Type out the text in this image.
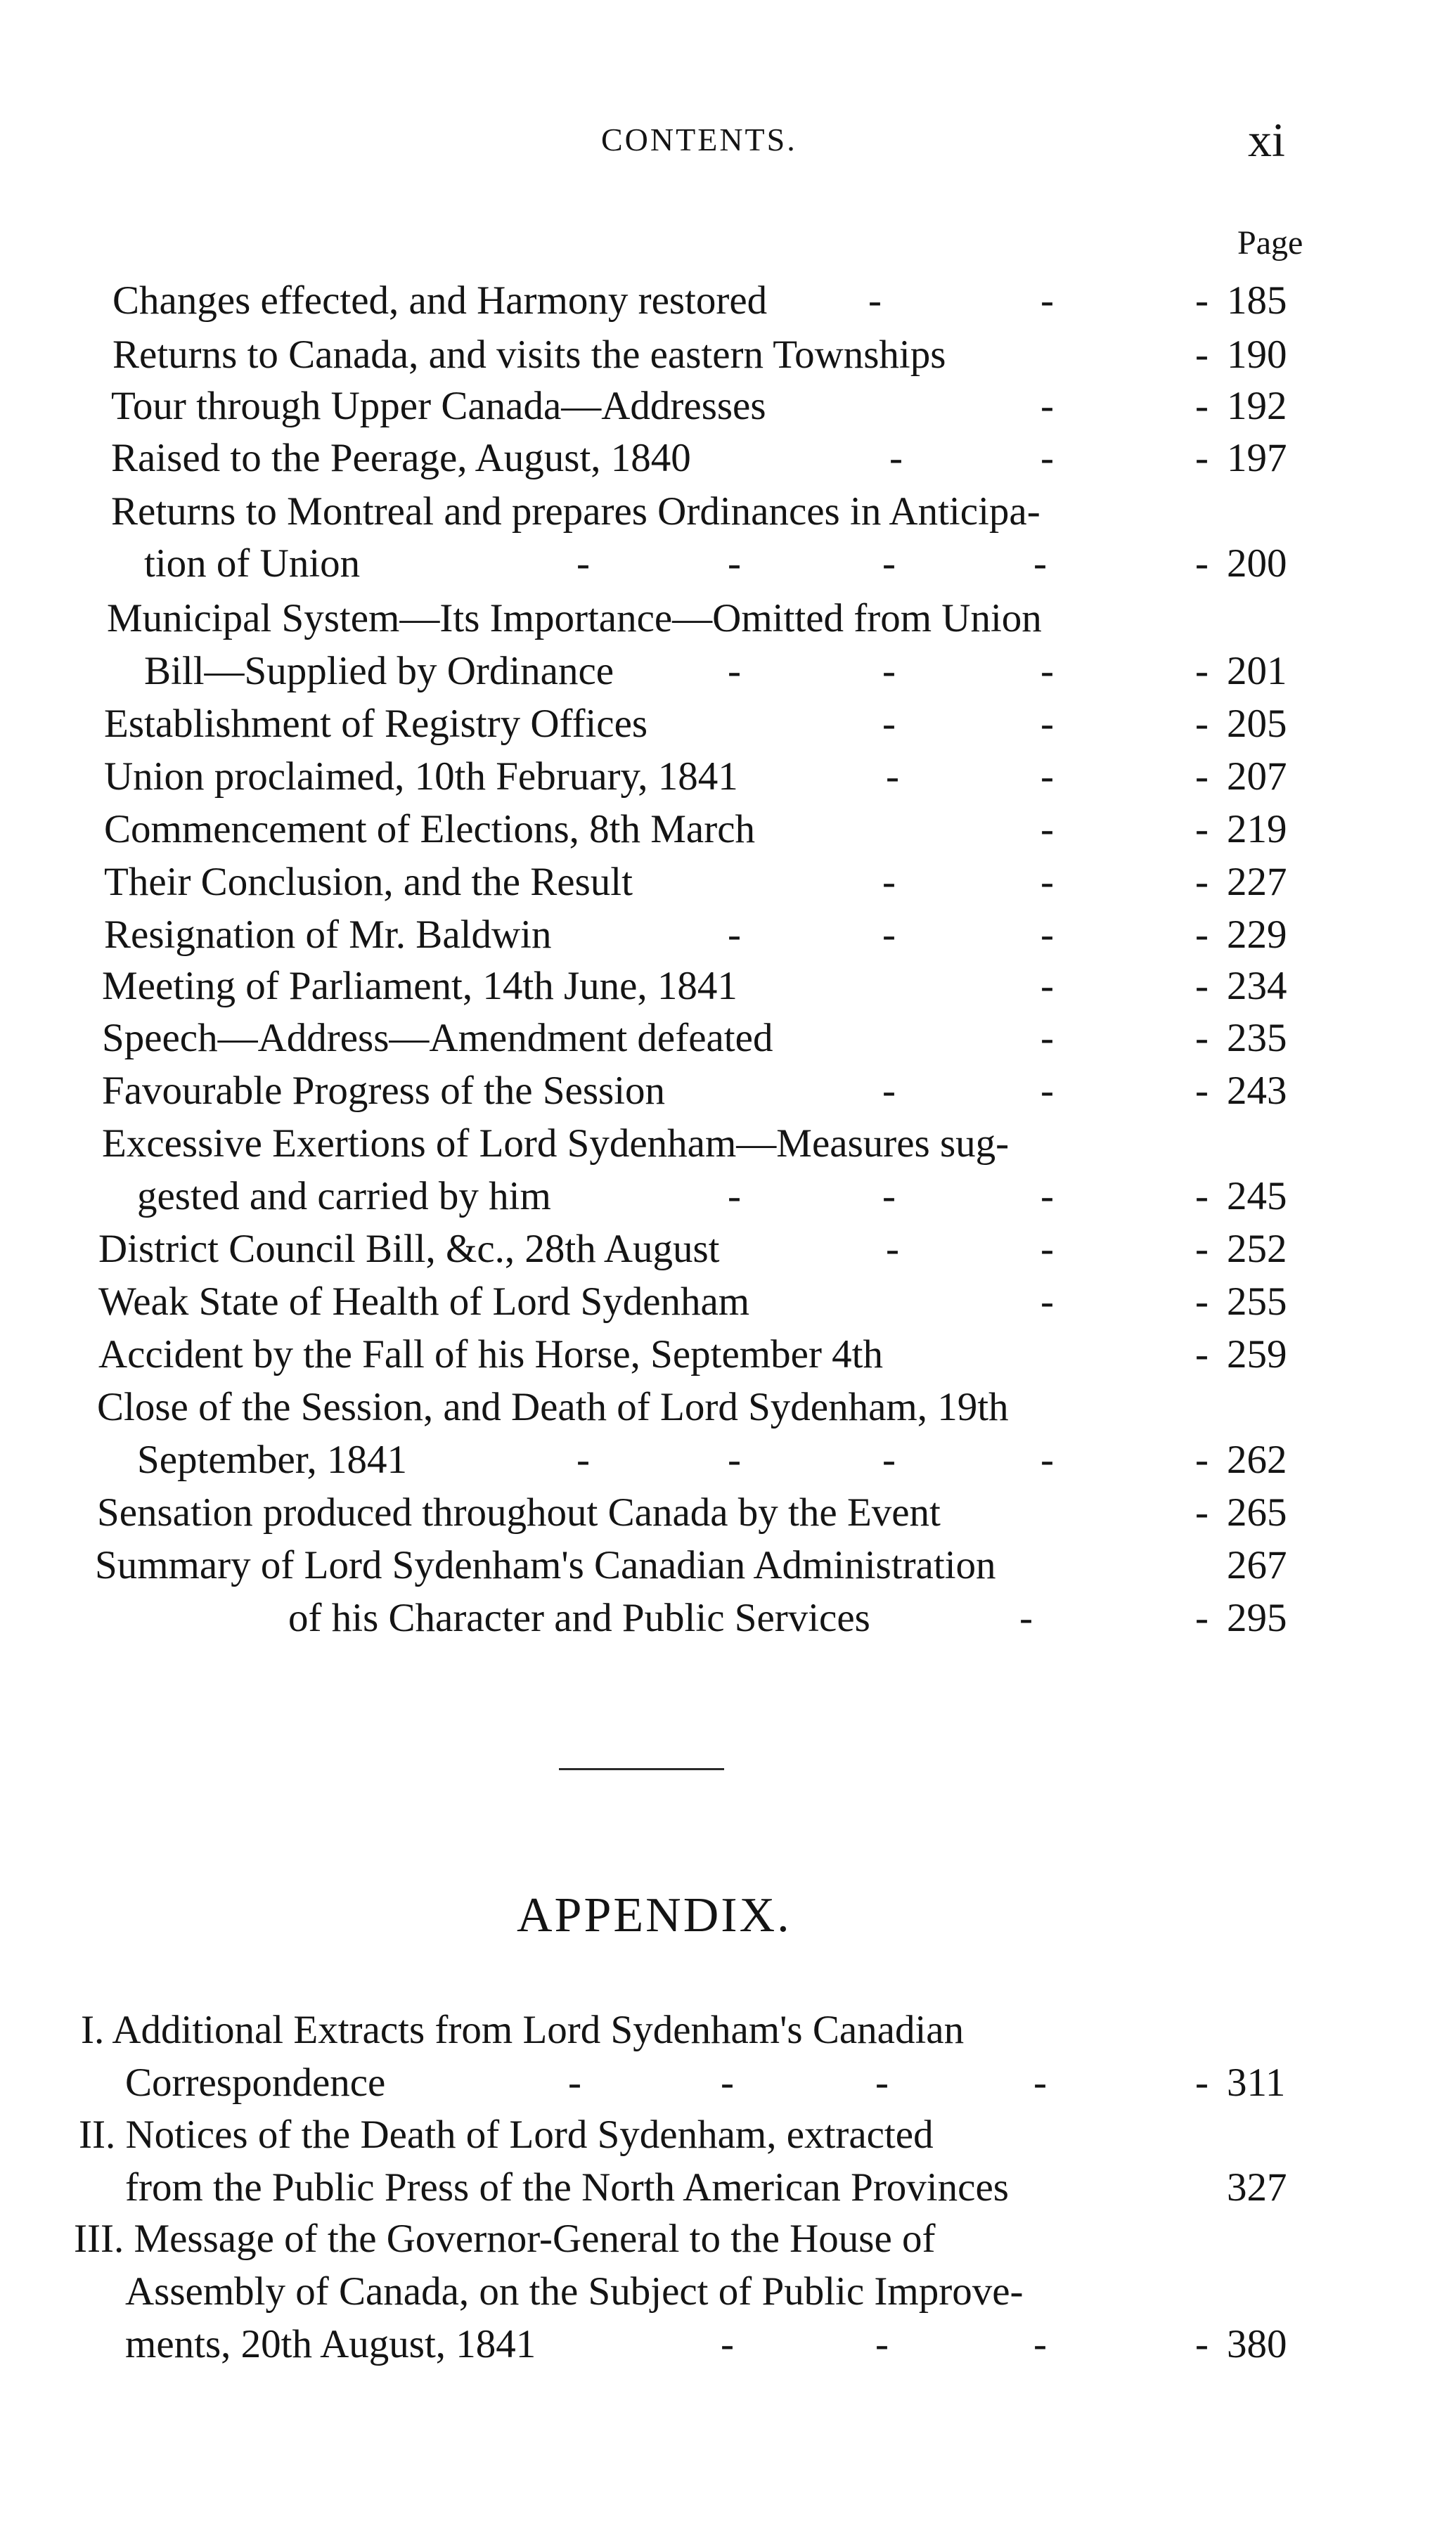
CONTENTS.	xi
Page
Changes effected, and Harmony restored	-	-	- 185
Returns to Canada, and visits the eastern Townships	- 190
Tour through Upper Canada—Addresses	-	- 192
Raised to the Peerage, August, 1840	-	-	- 197
Returns to Montreal and prepares Ordinances in Anticipa-
tion of Union	-	-	-	-	- 200
Municipal System—Its Importance—Omitted from Union
Bill—Supplied by Ordinance	-	-	-	- 201
Establishment of Registry Offices	-	-	- 205
Union proclaimed, 10th February, 1841	-	-	- 207
Commencement of Elections, 8th March	-	- 219
Their Conclusion, and the Result	-	-	- 227
Resignation of Mr. Baldwin	-	-	-	- 229
Meeting of Parliament, 14th June, 1841	-	- 234
Speech—Address—Amendment defeated	-	- 235
Favourable Progress of the Session	-	-	- 243
Excessive Exertions of Lord Sydenham—Measures sug-
gested and carried by him	-	-	-	- 245
District Council Bill, &c., 28th August	-	-	- 252
Weak State of Health of Lord Sydenham	-	- 255
Accident by the Fall of his Horse, September 4th	- 259
Close of the Session, and Death of Lord Sydenham, 19th
September, 1841	-	-	-	-	- 262
Sensation produced throughout Canada by the Event	- 265
Summary of Lord Sydenham's Canadian Administration	267
of his Character and Public Services	-	- 295
APPENDIX.
I. Additional Extracts from Lord Sydenham's Canadian
Correspondence	-	-	-	-	- 311
II. Notices of the Death of Lord Sydenham, extracted
from the Public Press of the North American Provinces	327
III. Message of the Governor-General to the House of
Assembly of Canada, on the Subject of Public Improve-
ments, 20th August, 1841	-	-	-	- 380
